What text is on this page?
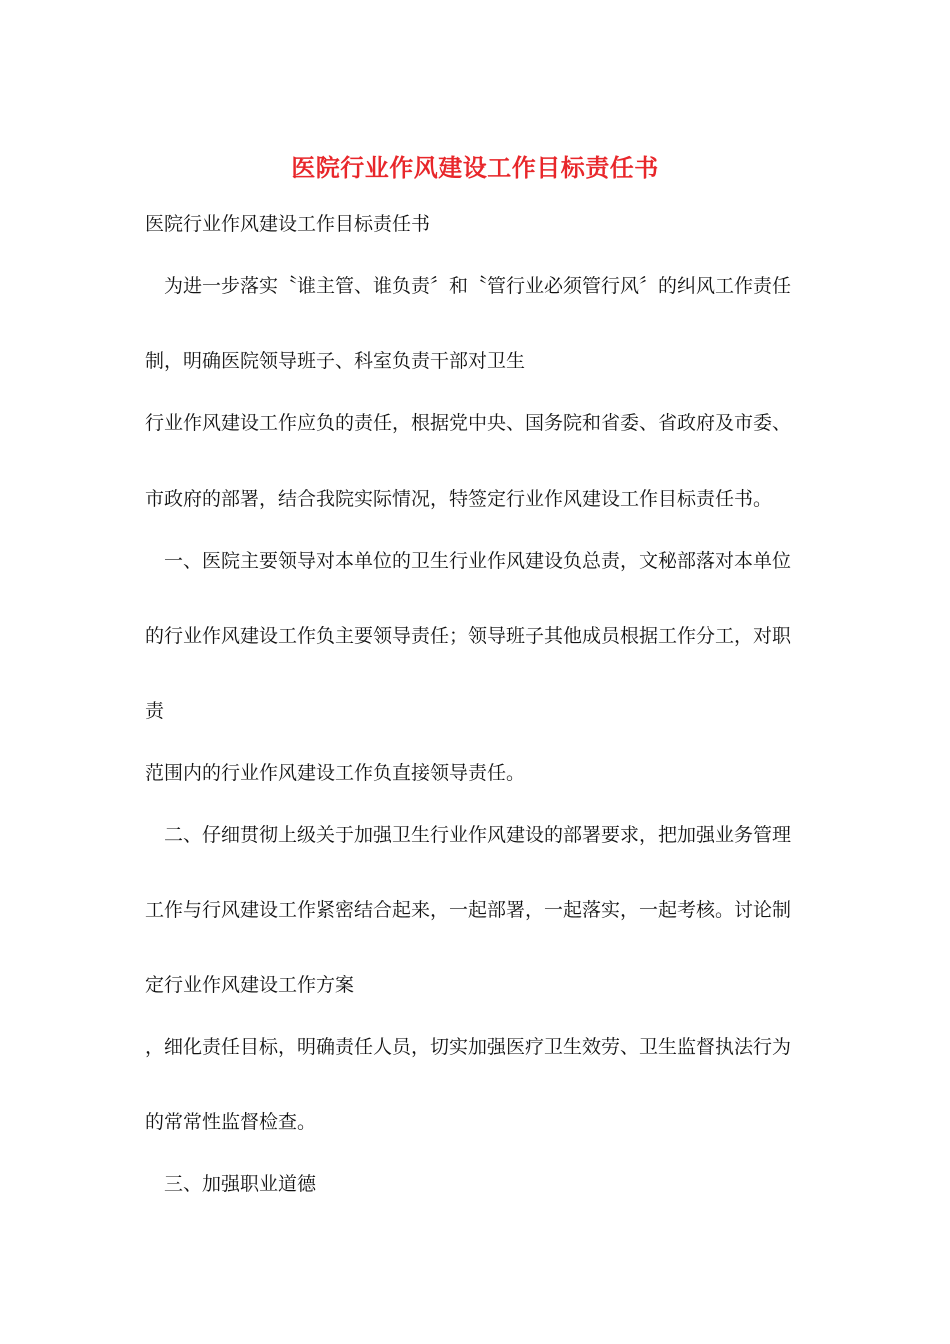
医院行业作风建设工作目标责任书
医院行业作风建设工作目标责任书
　为进一步落实〝谁主管、谁负责〞和〝管行业必须管行风〞的纠风工作责任
制，明确医院领导班子、科室负责干部对卫生
行业作风建设工作应负的责任，根据党中央、国务院和省委、省政府及市委、
市政府的部署，结合我院实际情况，特签定行业作风建设工作目标责任书。
　一、医院主要领导对本单位的卫生行业作风建设负总责，文秘部落对本单位
的行业作风建设工作负主要领导责任；领导班子其他成员根据工作分工，对职
责
范围内的行业作风建设工作负直接领导责任。
　二、仔细贯彻上级关于加强卫生行业作风建设的部署要求，把加强业务管理
工作与行风建设工作紧密结合起来，一起部署，一起落实，一起考核。讨论制
定行业作风建设工作方案
，细化责任目标，明确责任人员，切实加强医疗卫生效劳、卫生监督执法行为
的常常性监督检查。
　三、加强职业道德
